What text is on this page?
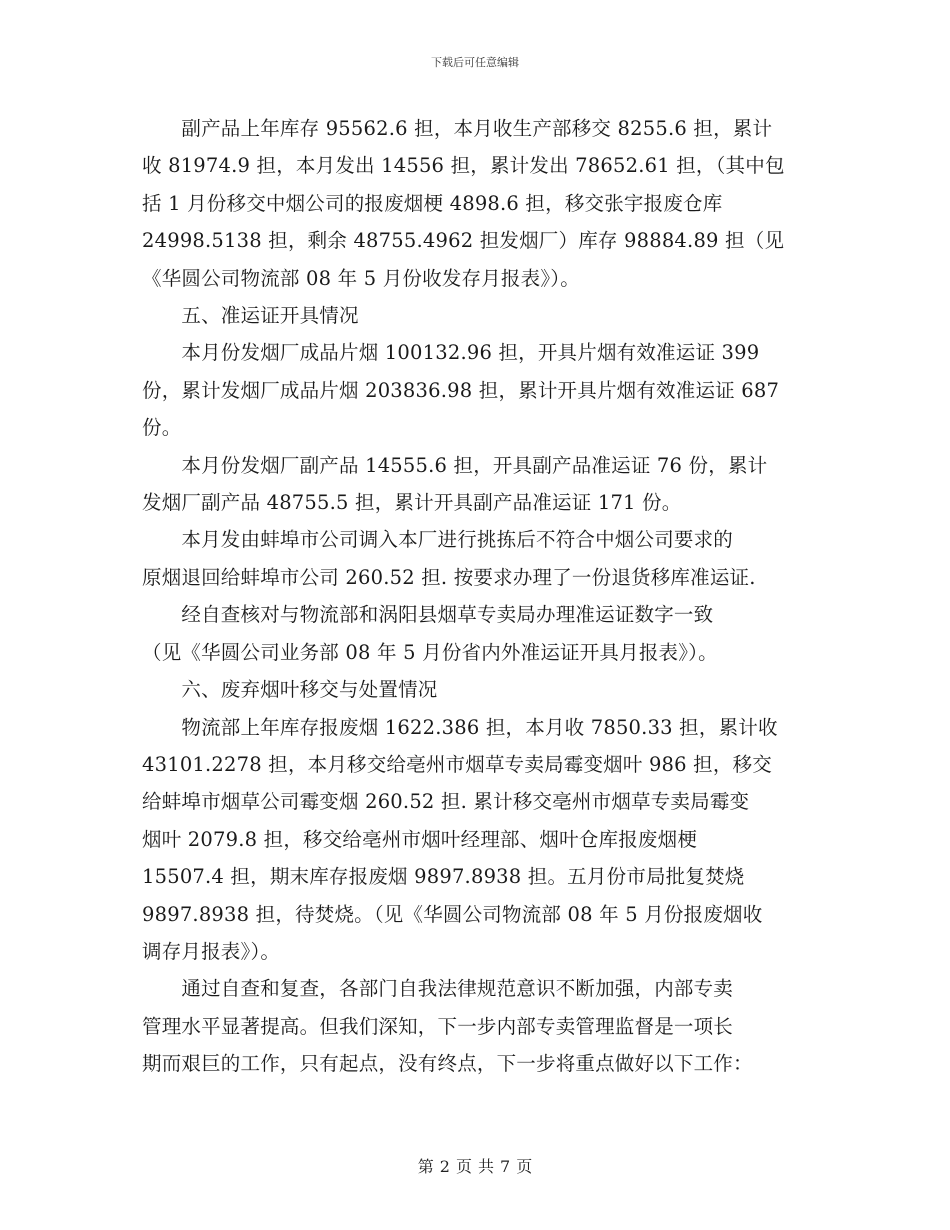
下载后可任意编辑

　　副产品上年库存 95562.6 担，本月收生产部移交 8255.6 担，累计

收 81974.9 担，本月发出 14556 担，累计发出 78652.61 担，（其中包

括 1 月份移交中烟公司的报废烟梗 4898.6 担，移交张宇报废仓库

24998.5138 担，剩余 48755.4962 担发烟厂）库存 98884.89 担（见

《华圆公司物流部 08 年 5 月份收发存月报表》）。

　　五、准运证开具情况

　　本月份发烟厂成品片烟 100132.96 担，开具片烟有效准运证 399

份，累计发烟厂成品片烟 203836.98 担，累计开具片烟有效准运证 687

份。

　　本月份发烟厂副产品 14555.6 担，开具副产品准运证 76 份，累计

发烟厂副产品 48755.5 担，累计开具副产品准运证 171 份。

　　本月发由蚌埠市公司调入本厂进行挑拣后不符合中烟公司要求的

原烟退回给蚌埠市公司 260.52 担. 按要求办理了一份退货移库准运证.

　　经自查核对与物流部和涡阳县烟草专卖局办理准运证数字一致

（见《华圆公司业务部 08 年 5 月份省内外准运证开具月报表》）。

　　六、废弃烟叶移交与处置情况

　　物流部上年库存报废烟 1622.386 担，本月收 7850.33 担，累计收

43101.2278 担，本月移交给亳州市烟草专卖局霉变烟叶 986 担，移交

给蚌埠市烟草公司霉变烟 260.52 担. 累计移交亳州市烟草专卖局霉变

烟叶 2079.8 担，移交给亳州市烟叶经理部、烟叶仓库报废烟梗

15507.4 担，期末库存报废烟 9897.8938 担。五月份市局批复焚烧

9897.8938 担，待焚烧。（见《华圆公司物流部 08 年 5 月份报废烟收

调存月报表》）。

　　通过自查和复查，各部门自我法律规范意识不断加强，内部专卖

管理水平显著提高。但我们深知，下一步内部专卖管理监督是一项长

期而艰巨的工作，只有起点，没有终点，下一步将重点做好以下工作：

第 2 页 共 7 页
